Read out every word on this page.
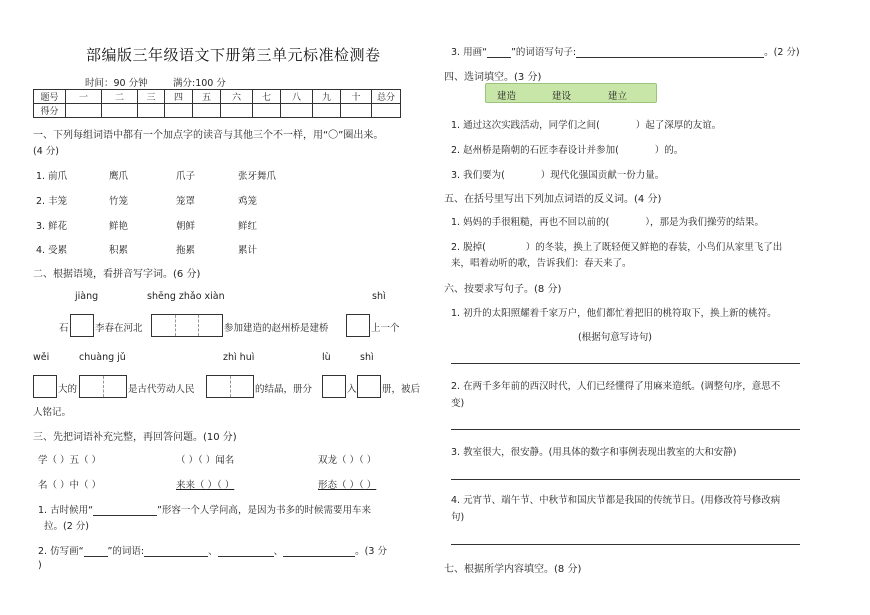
部编版三年级语文下册第三单元标准检测卷
时间：90 分钟	满分:100 分
题号	一	二	三	四	五	六	七	八	九	十	总分
得分											
一、下列每组词语中都有一个加点字的读音与其他三个不一样，用“〇”圈出来。
(4 分)
1. 前爪	鹰爪	爪子	张牙舞爪
2. 丰笼	竹笼	笼罩	鸡笼
3. 鲜花	鲜艳	朝鲜	鲜红
4. 受累	积累	拖累	累计
二、根据语境，看拼音写字词。(6 分)
jiàng	shēng zhǎo xiàn	shì
石	李春在河北	参加建造的赵州桥是建桥	上一个
wěi	chuàng jǔ	zhì huì	lù	shì
大的	是古代劳动人民	的结晶，册分	入	册，被后
人铭记。
三、先把词语补充完整，再回答问题。(10 分)
学（ ）五（ ）	（ ）（ ）闻名	双龙（ ）（ ）
名（ ）中（ ）	来来（ ）（ ）	形态（ ）（ ）
1. 古时候用“	”形容一个人学问高，是因为书多的时候需要用车来
拉。(2 分)
2. 仿写画“	”的词语:	、	、	。(3 分
)
3. 用画“	”的词语写句子:	。(2 分)
四、选词填空。(3 分)
建造	建设	建立
1. 通过这次实践活动，同学们之间(	）起了深厚的友谊。
2. 赵州桥是隋朝的石匠李春设计并参加(	）的。
3. 我们要为(	）现代化强国贡献一份力量。
五、在括号里写出下列加点词语的反义词。(4 分)
1. 妈妈的手很粗糙，再也不回以前的(	），那是为我们操劳的结果。
2. 脱掉(	）的冬装，换上了既轻便又鲜艳的春装，小鸟们从家里飞了出
来，唱着动听的歌，告诉我们：春天来了。
六、按要求写句子。(8 分)
1. 初升的太阳照耀着千家万户，他们都忙着把旧的桃符取下，换上新的桃符。
(根据句意写诗句)
2. 在两千多年前的西汉时代，人们已经懂得了用麻来造纸。(调整句序，意思不
变)
3. 教室很大，很安静。(用具体的数字和事例表现出教室的大和安静)
4. 元宵节、端午节、中秋节和国庆节都是我国的传统节日。(用修改符号修改病
句)
七、根据所学内容填空。(8 分)
